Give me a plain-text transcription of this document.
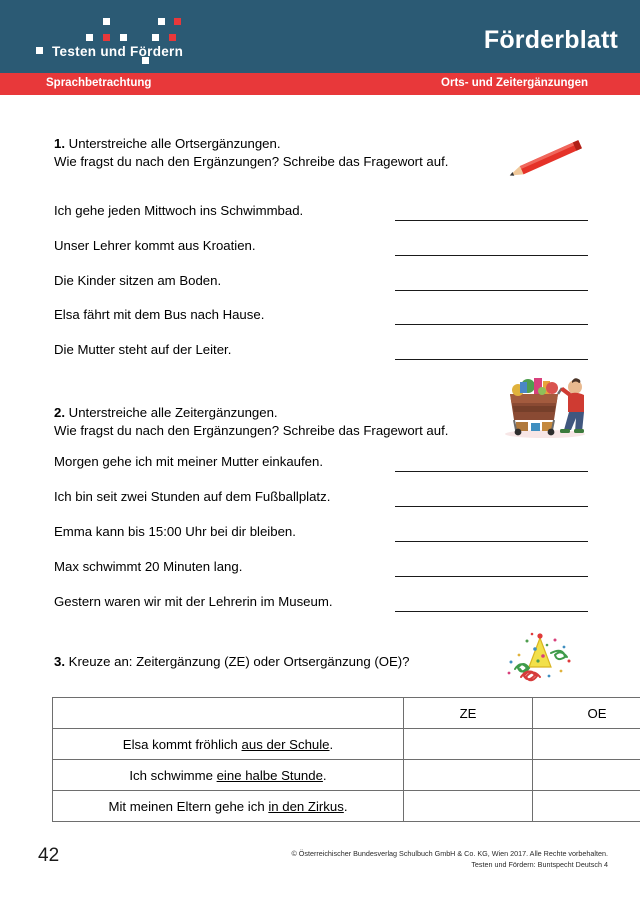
Testen und Fördern	Förderblatt
Sprachbetrachtung	Orts- und Zeitergänzungen
1. Unterstreiche alle Ortsergänzungen.
Wie fragst du nach den Ergänzungen? Schreibe das Fragewort auf.
Ich gehe jeden Mittwoch ins Schwimmbad.
Unser Lehrer kommt aus Kroatien.
Die Kinder sitzen am Boden.
Elsa fährt mit dem Bus nach Hause.
Die Mutter steht auf der Leiter.
2. Unterstreiche alle Zeitergänzungen.
Wie fragst du nach den Ergänzungen? Schreibe das Fragewort auf.
Morgen gehe ich mit meiner Mutter einkaufen.
Ich bin seit zwei Stunden auf dem Fußballplatz.
Emma kann bis 15:00 Uhr bei dir bleiben.
Max schwimmt 20 Minuten lang.
Gestern waren wir mit der Lehrerin im Museum.
3. Kreuze an: Zeitergänzung (ZE) oder Ortsergänzung (OE)?
	ZE	OE
Elsa kommt fröhlich aus der Schule.		
Ich schwimme eine halbe Stunde.		
Mit meinen Eltern gehe ich in den Zirkus.		
42	© Österreichischer Bundesverlag Schulbuch GmbH & Co. KG, Wien 2017. Alle Rechte vorbehalten.
Testen und Fördern: Buntspecht Deutsch 4
